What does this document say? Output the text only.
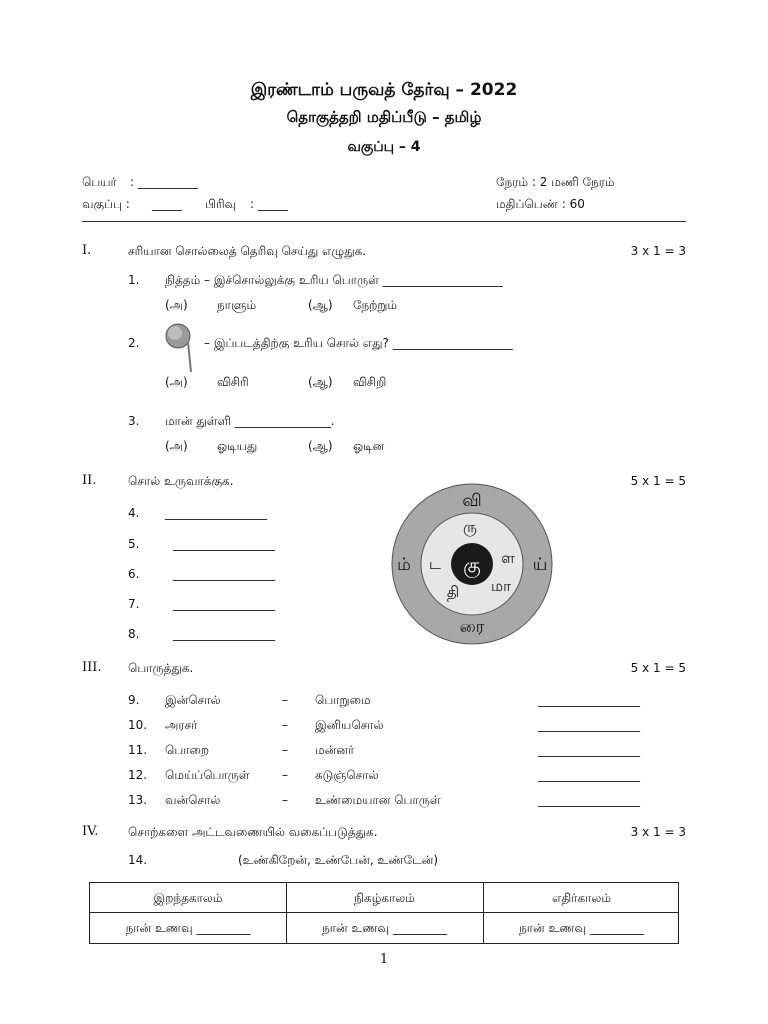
இரண்டாம் பருவத் தேர்வு – 2022
தொகுத்தறி மதிப்பீடு – தமிழ்
வகுப்பு – 4
பெயர் : __________
வகுப்பு : _____ பிரிவு : _____
நேரம் : 2 மணி நேரம்
மதிப்பெண் : 60
I.	சரியான சொல்லைத் தெரிவு செய்து எழுதுக.	3 x 1 = 3
1. நித்தம் – இச்சொல்லுக்கு உரிய பொருள் ____________________
(அ) நாளும்	(ஆ) நேற்றும்
2.	– இப்படத்திற்கு உரிய சொல் எது? ____________________
(அ) விசிரி	(ஆ) விசிறி
3. மான் துள்ளி ________________.
(அ) ஓடியது	(ஆ) ஓடின
II.	சொல் உருவாக்குக.	5 x 1 = 5
4. _________________
5.	_________________
6.	_________________
7.	_________________
8.	_________________
கு
வி
ம்	ய்
ரை
ரு
ட	ள
தி மா
III. பொருத்துக.	5 x 1 = 5
9. இன்சொல்	– பொறுமை	_________________
10. அரசர்	– இனியசொல்	_________________
11. பொறை	– மன்னர்	_________________
12. மெய்ப்பொருள்	– கடுஞ்சொல்	_________________
13. வன்சொல்	– உண்மையான பொருள்	_________________
IV. சொற்களை அட்டவணையில் வகைப்படுத்துக.	3 x 1 = 3
14.	(உண்கிறேன், உண்பேன், உண்டேன்)
இறந்தகாலம்	நிகழ்காலம்	எதிர்காலம்
நான் உணவு _________	நான் உணவு _________	நான் உணவு _________
1
